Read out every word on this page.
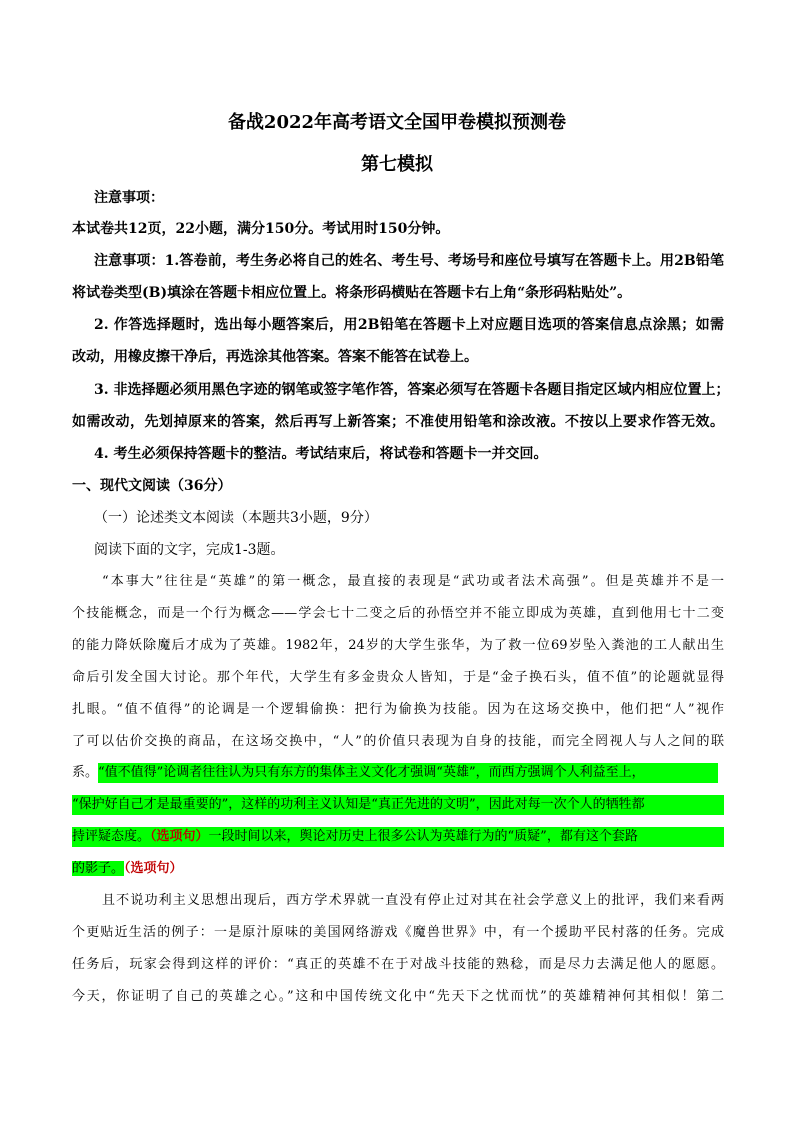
备战2022年高考语文全国甲卷模拟预测卷
第七模拟
注意事项：
本试卷共12页，22小题，满分150分。考试用时150分钟。
注意事项：1.答卷前，考生务必将自己的姓名、考生号、考场号和座位号填写在答题卡上。用2B铅笔
将试卷类型(B)填涂在答题卡相应位置上。将条形码横贴在答题卡右上角“条形码粘贴处”。
2. 作答选择题时，选出每小题答案后，用2B铅笔在答题卡上对应题目选项的答案信息点涂黑；如需
改动，用橡皮擦干净后，再选涂其他答案。答案不能答在试卷上。
3. 非选择题必须用黑色字迹的钢笔或签字笔作答，答案必须写在答题卡各题目指定区域内相应位置上；
如需改动，先划掉原来的答案，然后再写上新答案；不准使用铅笔和涂改液。不按以上要求作答无效。
4. 考生必须保持答题卡的整洁。考试结束后，将试卷和答题卡一并交回。
一、现代文阅读（36分）
（一）论述类文本阅读（本题共3小题，9分）
阅读下面的文字，完成1-3题。
“本事大”往往是“英雄”的第一概念，最直接的表现是“武功或者法术高强”。但是英雄并不是一
个技能概念，而是一个行为概念——学会七十二变之后的孙悟空并不能立即成为英雄，直到他用七十二变
的能力降妖除魔后才成为了英雄。1982年，24岁的大学生张华，为了救一位69岁坠入粪池的工人献出生
命后引发全国大讨论。那个年代，大学生有多金贵众人皆知，于是“金子换石头，值不值”的论题就显得
扎眼。“值不值得”的论调是一个逻辑偷换：把行为偷换为技能。因为在这场交换中，他们把“人”视作
了可以估价交换的商品，在这场交换中，“人”的价值只表现为自身的技能，而完全罔视人与人之间的联
系。“值不值得”论调者往往认为只有东方的集体主义文化才强调“英雄”，而西方强调个人利益至上，
“保护好自己才是最重要的”，这样的功利主义认知是“真正先进的文明”，因此对每一次个人的牺牲都
持评疑态度。（选项句）一段时间以来，舆论对历史上很多公认为英雄行为的“质疑”，都有这个套路
的影子。（选项句）
且不说功利主义思想出现后，西方学术界就一直没有停止过对其在社会学意义上的批评，我们来看两
个更贴近生活的例子：一是原汁原味的美国网络游戏《魔兽世界》中，有一个援助平民村落的任务。完成
任务后，玩家会得到这样的评价：“真正的英雄不在于对战斗技能的熟稔，而是尽力去满足他人的愿愿。
今天，你证明了自己的英雄之心。”这和中国传统文化中“先天下之忧而忧”的英雄精神何其相似！第二
